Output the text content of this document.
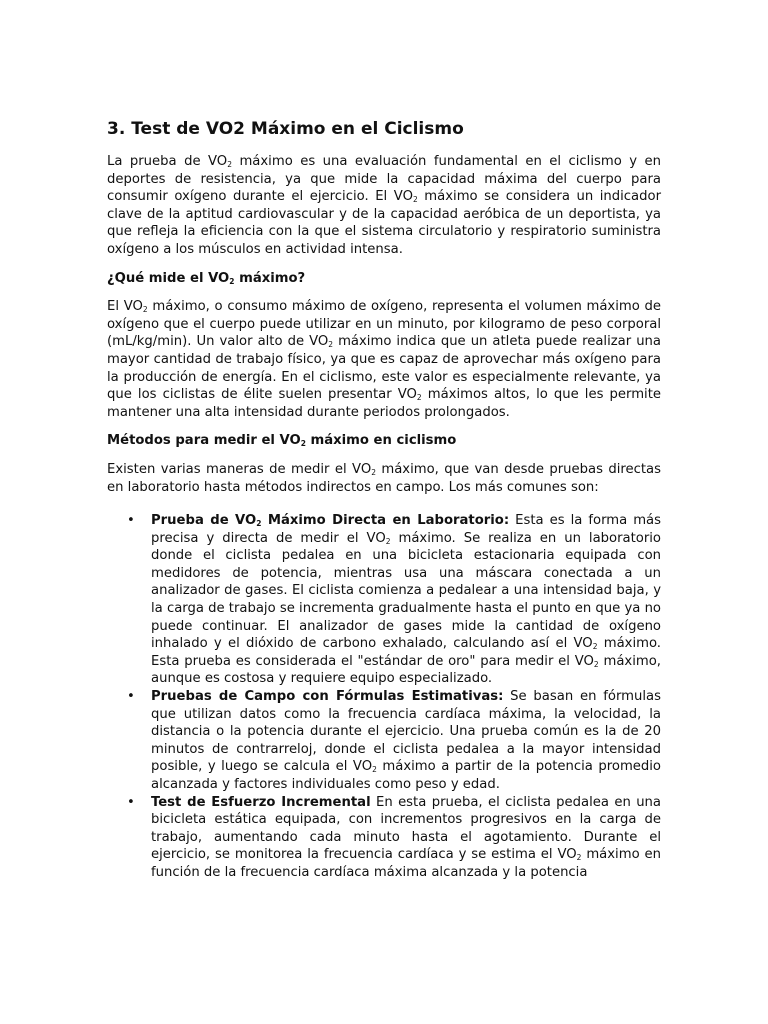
3. Test de VO2 Máximo en el Ciclismo

La prueba de $VO_2$ máximo es una evaluación fundamental en el ciclismo y en deportes de resistencia, ya que mide la capacidad máxima del cuerpo para consumir oxígeno durante el ejercicio. El $VO_2$ máximo se considera un indicador clave de la aptitud cardiovascular y de la capacidad aeróbica de un deportista, ya que refleja la eficiencia con la que el sistema circulatorio y respiratorio suministra oxígeno a los músculos en actividad intensa.

¿Qué mide el $VO_2$ máximo?

El $VO_2$ máximo, o consumo máximo de oxígeno, representa el volumen máximo de oxígeno que el cuerpo puede utilizar en un minuto, por kilogramo de peso corporal (mL/kg/min). Un valor alto de $VO_2$ máximo indica que un atleta puede realizar una mayor cantidad de trabajo físico, ya que es capaz de aprovechar más oxígeno para la producción de energía. En el ciclismo, este valor es especialmente relevante, ya que los ciclistas de élite suelen presentar $VO_2$ máximos altos, lo que les permite mantener una alta intensidad durante periodos prolongados.

Métodos para medir el $VO_2$ máximo en ciclismo

Existen varias maneras de medir el $VO_2$ máximo, que van desde pruebas directas en laboratorio hasta métodos indirectos en campo. Los más comunes son:

• Prueba de $VO_2$ Máximo Directa en Laboratorio: Esta es la forma más precisa y directa de medir el $VO_2$ máximo. Se realiza en un laboratorio donde el ciclista pedalea en una bicicleta estacionaria equipada con medidores de potencia, mientras usa una máscara conectada a un analizador de gases. El ciclista comienza a pedalear a una intensidad baja, y la carga de trabajo se incrementa gradualmente hasta el punto en que ya no puede continuar. El analizador de gases mide la cantidad de oxígeno inhalado y el dióxido de carbono exhalado, calculando así el $VO_2$ máximo. Esta prueba es considerada el "estándar de oro" para medir el $VO_2$ máximo, aunque es costosa y requiere equipo especializado.
• Pruebas de Campo con Fórmulas Estimativas: Se basan en fórmulas que utilizan datos como la frecuencia cardíaca máxima, la velocidad, la distancia o la potencia durante el ejercicio. Una prueba común es la de 20 minutos de contrarreloj, donde el ciclista pedalea a la mayor intensidad posible, y luego se calcula el $VO_2$ máximo a partir de la potencia promedio alcanzada y factores individuales como peso y edad.
• Test de Esfuerzo Incremental En esta prueba, el ciclista pedalea en una bicicleta estática equipada, con incrementos progresivos en la carga de trabajo, aumentando cada minuto hasta el agotamiento. Durante el ejercicio, se monitorea la frecuencia cardíaca y se estima el $VO_2$ máximo en función de la frecuencia cardíaca máxima alcanzada y la potencia
